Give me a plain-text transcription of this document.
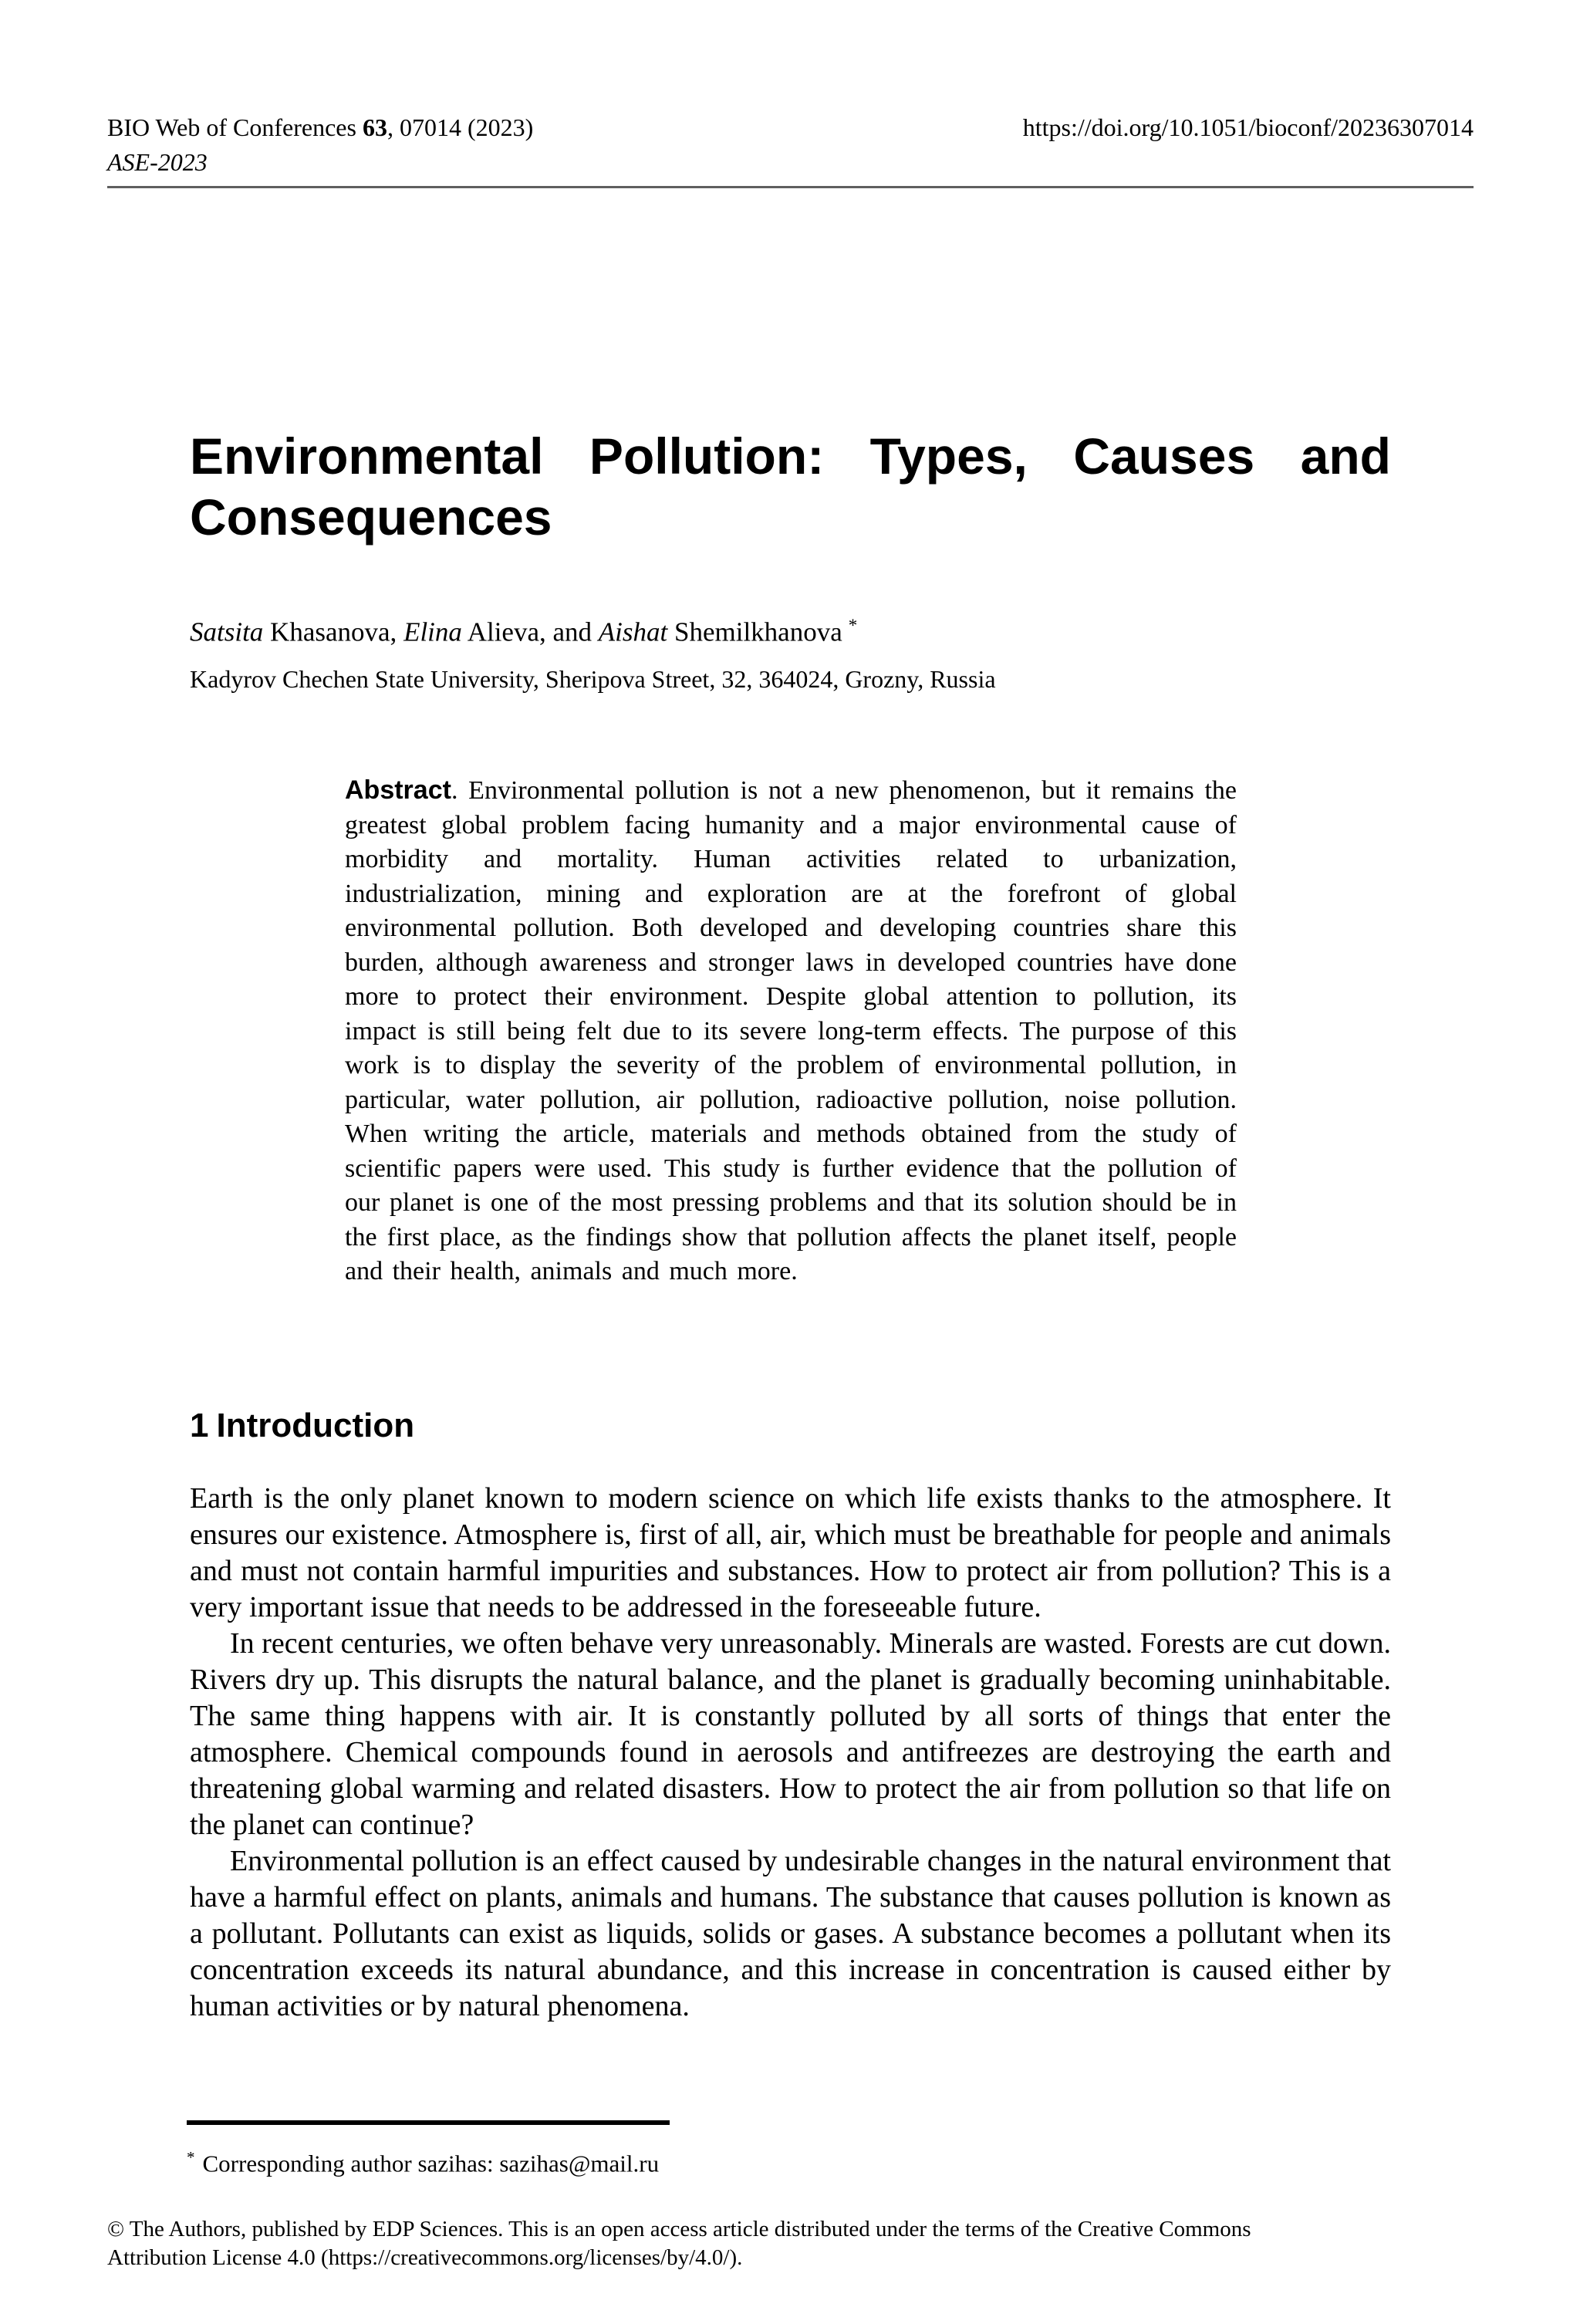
BIO Web of Conferences 63, 07014 (2023)	https://doi.org/10.1051/bioconf/20236307014
ASE-2023
Environmental Pollution: Types, Causes and
Consequences
Satsita Khasanova, Elina Alieva, and Aishat Shemilkhanova *
Kadyrov Chechen State University, Sheripova Street, 32, 364024, Grozny, Russia
Abstract. Environmental pollution is not a new phenomenon, but it remains the greatest global problem facing humanity and a major environmental cause of morbidity and mortality. Human activities related to urbanization, industrialization, mining and exploration are at the forefront of global environmental pollution. Both developed and developing countries share this burden, although awareness and stronger laws in developed countries have done more to protect their environment. Despite global attention to pollution, its impact is still being felt due to its severe long-term effects. The purpose of this work is to display the severity of the problem of environmental pollution, in particular, water pollution, air pollution, radioactive pollution, noise pollution. When writing the article, materials and methods obtained from the study of scientific papers were used. This study is further evidence that the pollution of our planet is one of the most pressing problems and that its solution should be in the first place, as the findings show that pollution affects the planet itself, people and their health, animals and much more.
1 Introduction

Earth is the only planet known to modern science on which life exists thanks to the atmosphere. It ensures our existence. Atmosphere is, first of all, air, which must be breathable for people and animals and must not contain harmful impurities and substances. How to protect air from pollution? This is a very important issue that needs to be addressed in the foreseeable future.

In recent centuries, we often behave very unreasonably. Minerals are wasted. Forests are cut down. Rivers dry up. This disrupts the natural balance, and the planet is gradually becoming uninhabitable. The same thing happens with air. It is constantly polluted by all sorts of things that enter the atmosphere. Chemical compounds found in aerosols and antifreezes are destroying the earth and threatening global warming and related disasters. How to protect the air from pollution so that life on the planet can continue?

Environmental pollution is an effect caused by undesirable changes in the natural environment that have a harmful effect on plants, animals and humans. The substance that causes pollution is known as a pollutant. Pollutants can exist as liquids, solids or gases. A substance becomes a pollutant when its concentration exceeds its natural abundance, and this increase in concentration is caused either by human activities or by natural phenomena.

* Corresponding author sazihas: sazihas@mail.ru
© The Authors, published by EDP Sciences. This is an open access article distributed under the terms of the Creative Commons
Attribution License 4.0 (https://creativecommons.org/licenses/by/4.0/).
